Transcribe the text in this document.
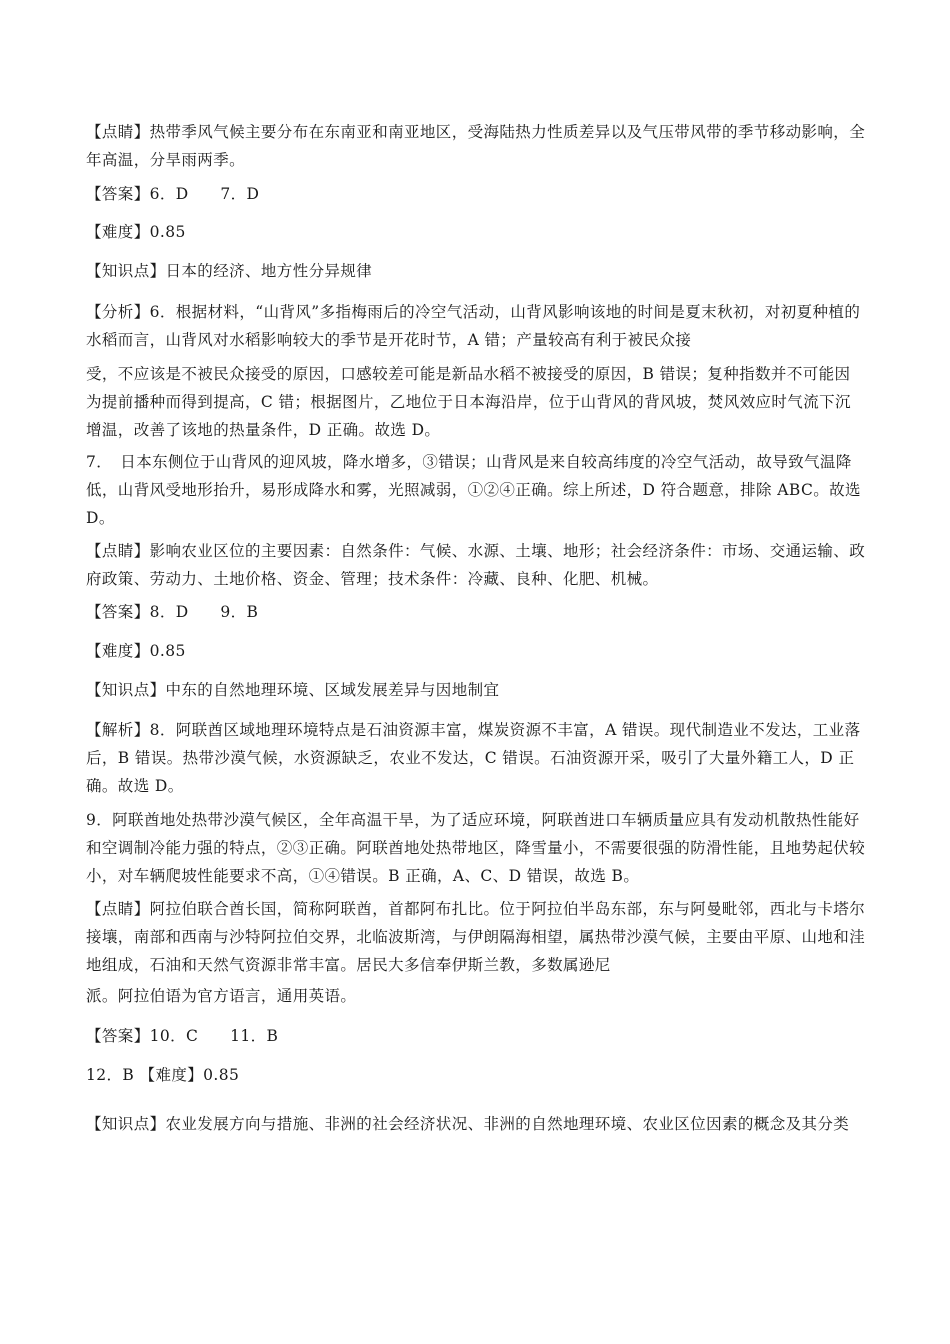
【点睛】热带季风气候主要分布在东南亚和南亚地区，受海陆热力性质差异以及气压带风带的季节移动影响，全年高温，分旱雨两季。
【答案】6．D　　7．D
【难度】0.85
【知识点】日本的经济、地方性分异规律
【分析】6．根据材料，“山背风”多指梅雨后的冷空气活动，山背风影响该地的时间是夏末秋初，对初夏种植的水稻而言，山背风对水稻影响较大的季节是开花时节，A 错；产量较高有利于被民众接
受，不应该是不被民众接受的原因，口感较差可能是新品水稻不被接受的原因，B 错误；复种指数并不可能因为提前播种而得到提高，C 错；根据图片，乙地位于日本海沿岸，位于山背风的背风坡，焚风效应时气流下沉增温，改善了该地的热量条件，D 正确。故选 D。
7．　日本东侧位于山背风的迎风坡，降水增多，③错误；山背风是来自较高纬度的冷空气活动，故导致气温降低，山背风受地形抬升，易形成降水和雾，光照减弱，①②④正确。综上所述，D 符合题意，排除 ABC。故选 D。
【点睛】影响农业区位的主要因素：自然条件：气候、水源、土壤、地形；社会经济条件：市场、交通运输、政府政策、劳动力、土地价格、资金、管理；技术条件：冷藏、良种、化肥、机械。
【答案】8．D　　9．B
【难度】0.85
【知识点】中东的自然地理环境、区域发展差异与因地制宜
【解析】8．阿联酋区域地理环境特点是石油资源丰富，煤炭资源不丰富，A 错误。现代制造业不发达，工业落后，B 错误。热带沙漠气候，水资源缺乏，农业不发达，C 错误。石油资源开采，吸引了大量外籍工人，D 正确。故选 D。
9．阿联酋地处热带沙漠气候区，全年高温干旱，为了适应环境，阿联酋进口车辆质量应具有发动机散热性能好和空调制冷能力强的特点，②③正确。阿联酋地处热带地区，降雪量小，不需要很强的防滑性能，且地势起伏较小，对车辆爬坡性能要求不高，①④错误。B 正确，A、C、D 错误，故选 B。
【点睛】阿拉伯联合酋长国，简称阿联酋，首都阿布扎比。位于阿拉伯半岛东部，东与阿曼毗邻，西北与卡塔尔接壤，南部和西南与沙特阿拉伯交界，北临波斯湾，与伊朗隔海相望，属热带沙漠气候，主要由平原、山地和洼地组成，石油和天然气资源非常丰富。居民大多信奉伊斯兰教，多数属逊尼
派。阿拉伯语为官方语言，通用英语。
【答案】10．C　　11．B
12．B 【难度】0.85
【知识点】农业发展方向与措施、非洲的社会经济状况、非洲的自然地理环境、农业区位因素的概念及其分类
